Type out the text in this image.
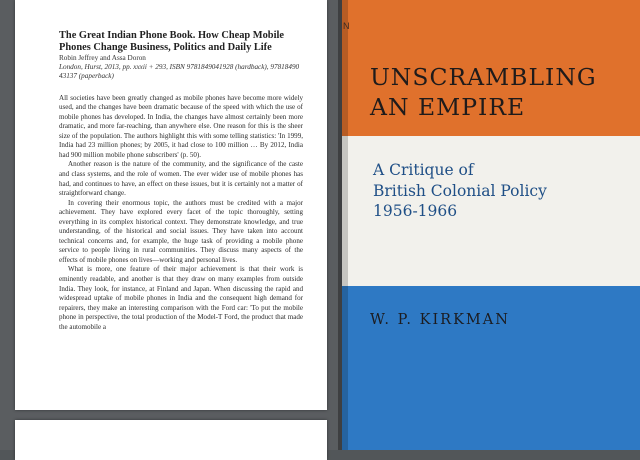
The Great Indian Phone Book. How Cheap Mobile Phones Change Business, Politics and Daily Life

Robin Jeffrey and Assa Doron

London, Hurst, 2013, pp. xxxii + 293, ISBN 9781849041928 (hardback), 97818490 43137 (paperback)

All societies have been greatly changed as mobile phones have become more widely used, and the changes have been dramatic because of the speed with which the use of mobile phones has developed. In India, the changes have almost certainly been more dramatic, and more far-reaching, than anywhere else. One reason for this is the sheer size of the population. The authors highlight this with some telling statistics: 'In 1999, India had 23 million phones; by 2005, it had close to 100 million … By 2012, India had 900 million mobile phone subscribers' (p. 50).

Another reason is the nature of the community, and the significance of the caste and class systems, and the role of women. The ever wider use of mobile phones has had, and continues to have, an effect on these issues, but it is certainly not a matter of straightforward change.

In covering their enormous topic, the authors must be credited with a major achievement. They have explored every facet of the topic thoroughly, setting everything in its complex historical context. They demonstrate knowledge, and true understanding, of the historical and social issues. They have taken into account technical concerns and, for example, the huge task of providing a mobile phone service to people living in rural communities. They discuss many aspects of the effects of mobile phones on lives—working and personal lives.

What is more, one feature of their major achievement is that their work is eminently readable, and another is that they draw on many examples from outside India. They look, for instance, at Finland and Japan. When discussing the rapid and widespread uptake of mobile phones in India and the consequent high demand for repairers, they make an interesting comparison with the Ford car: 'To put the mobile phone in perspective, the total production of the Model-T Ford, the product that made the automobile a

N
UNSCRAMBLING
AN EMPIRE

A Critique of
British Colonial Policy
1956-1966

W. P. KIRKMAN
